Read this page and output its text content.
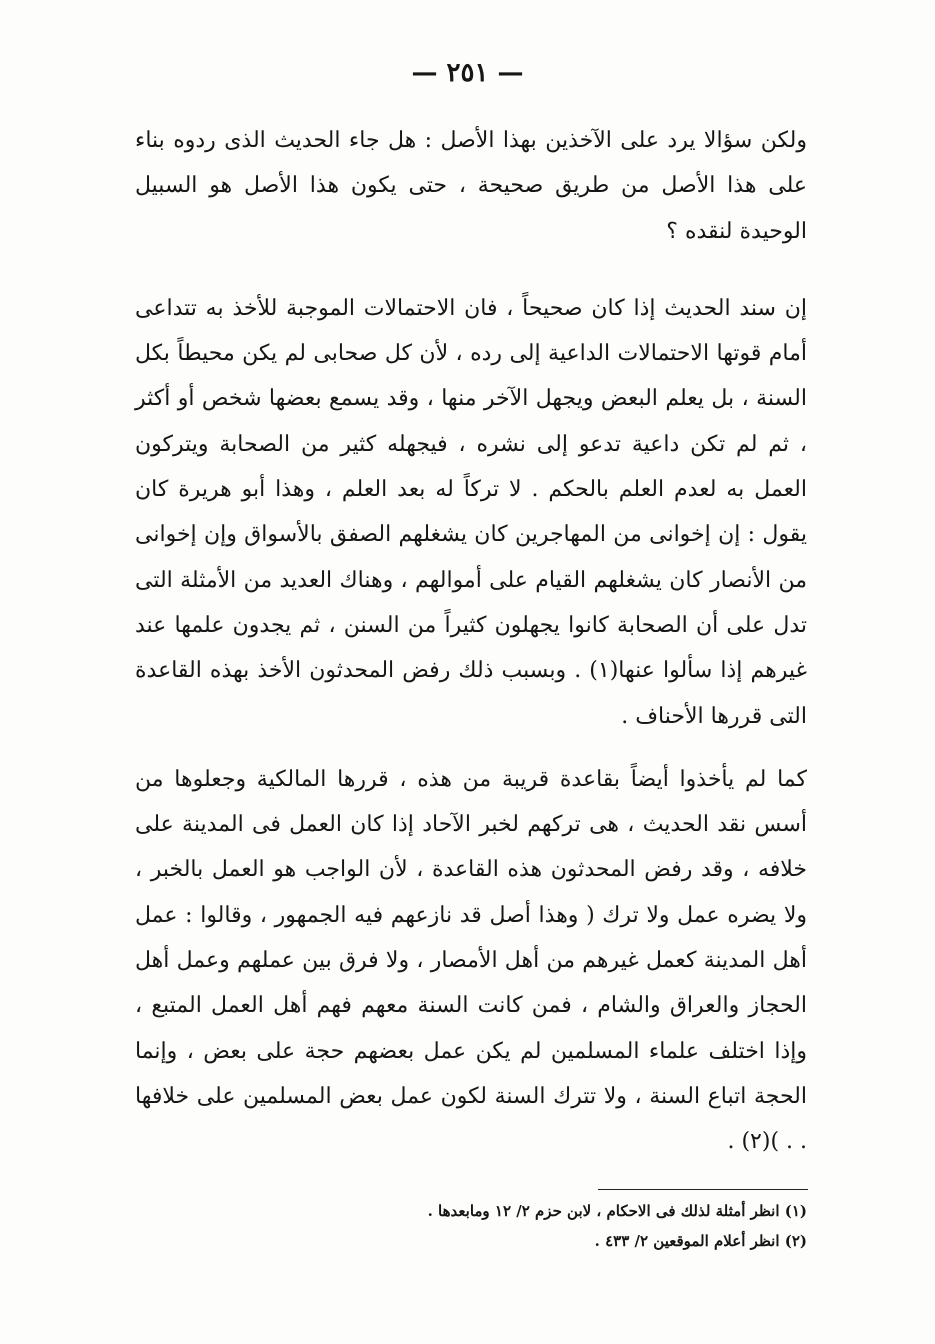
— ٢٥١ —

ولكن سؤالا يرد على الآخذين بهذا الأصل : هل جاء الحديث الذى ردوه بناء على هذا الأصل من طريق صحيحة ، حتى يكون هذا الأصل هو السبيل الوحيدة لنقده ؟

إن سند الحديث إذا كان صحيحاً ، فان الاحتمالات الموجبة للأخذ به تتداعى أمام قوتها الاحتمالات الداعية إلى رده ، لأن كل صحابى لم يكن محيطاً بكل السنة ، بل يعلم البعض ويجهل الآخر منها ، وقد يسمع بعضها شخص أو أكثر ، ثم لم تكن داعية تدعو إلى نشره ، فيجهله كثير من الصحابة ويتركون العمل به لعدم العلم بالحكم . لا تركاً له بعد العلم ، وهذا أبو هريرة كان يقول : إن إخوانى من المهاجرين كان يشغلهم الصفق بالأسواق وإن إخوانى من الأنصار كان يشغلهم القيام على أموالهم ، وهناك العديد من الأمثلة التى تدل على أن الصحابة كانوا يجهلون كثيراً من السنن ، ثم يجدون علمها عند غيرهم إذا سألوا عنها(١) . وبسبب ذلك رفض المحدثون الأخذ بهذه القاعدة التى قررها الأحناف .

كما لم يأخذوا أيضاً بقاعدة قريبة من هذه ، قررها المالكية وجعلوها من أسس نقد الحديث ، هى تركهم لخبر الآحاد إذا كان العمل فى المدينة على خلافه ، وقد رفض المحدثون هذه القاعدة ، لأن الواجب هو العمل بالخبر ، ولا يضره عمل ولا ترك ( وهذا أصل قد نازعهم فيه الجمهور ، وقالوا : عمل أهل المدينة كعمل غيرهم من أهل الأمصار ، ولا فرق بين عملهم وعمل أهل الحجاز والعراق والشام ، فمن كانت السنة معهم فهم أهل العمل المتبع ، وإذا اختلف علماء المسلمين لم يكن عمل بعضهم حجة على بعض ، وإنما الحجة اتباع السنة ، ولا تترك السنة لكون عمل بعض المسلمين على خلافها . . )(٢) .

(١) انظر أمثلة لذلك فى الاحكام ، لابن حزم ٢/ ١٢ ومابعدها .

(٢) انظر أعلام الموقعين ٢/ ٤٣٣ .
